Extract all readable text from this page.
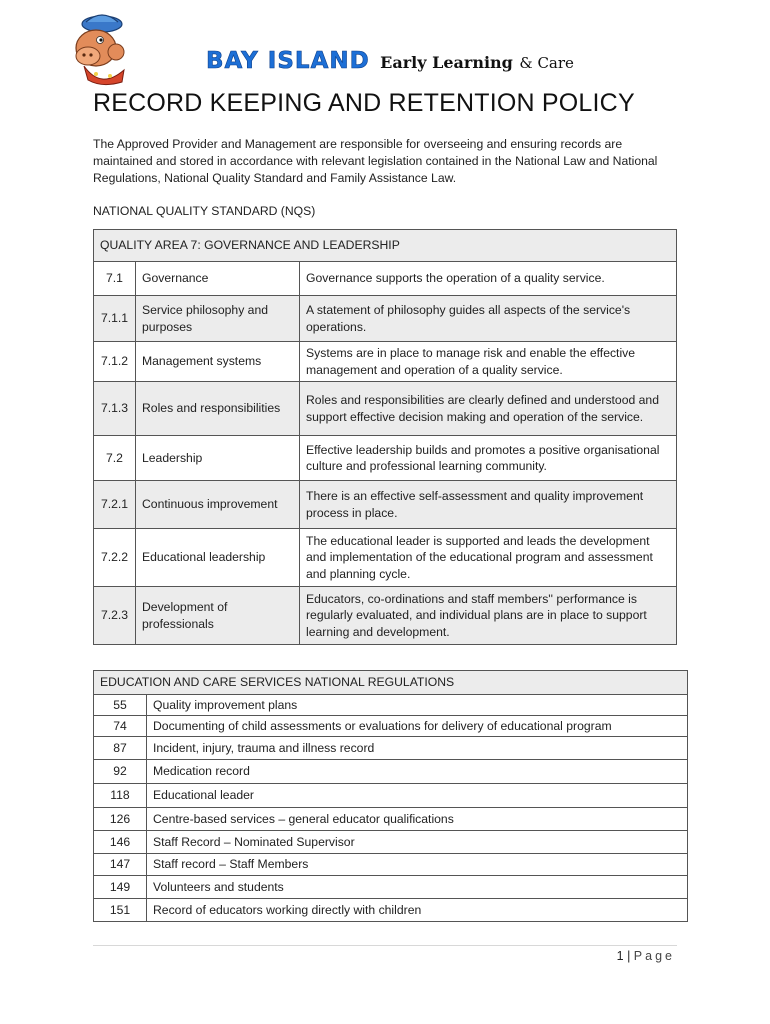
BAY ISLAND Early Learning & Care
RECORD KEEPING AND RETENTION POLICY

The Approved Provider and Management are responsible for overseeing and ensuring records are maintained and stored in accordance with relevant legislation contained in the National Law and National Regulations, National Quality Standard and Family Assistance Law.

NATIONAL QUALITY STANDARD (NQS)
QUALITY AREA 7: GOVERNANCE AND LEADERSHIP		
7.1	Governance	Governance supports the operation of a quality service.
7.1.1	Service philosophy and purposes	A statement of philosophy guides all aspects of the service's operations.
7.1.2	Management systems	Systems are in place to manage risk and enable the effective management and operation of a quality service.
7.1.3	Roles and responsibilities	Roles and responsibilities are clearly defined and understood and support effective decision making and operation of the service.
7.2	Leadership	Effective leadership builds and promotes a positive organisational culture and professional learning community.
7.2.1	Continuous improvement	There is an effective self-assessment and quality improvement process in place.
7.2.2	Educational leadership	The educational leader is supported and leads the development and implementation of the educational program and assessment and planning cycle.
7.2.3	Development of professionals	Educators, co-ordinations and staff members'' performance is regularly evaluated, and individual plans are in place to support learning and development.
EDUCATION AND CARE SERVICES NATIONAL REGULATIONS	
55	Quality improvement plans
74	Documenting of child assessments or evaluations for delivery of educational program
87	Incident, injury, trauma and illness record
92	Medication record
118	Educational leader
126	Centre-based services – general educator qualifications
146	Staff Record – Nominated Supervisor
147	Staff record – Staff Members
149	Volunteers and students
151	Record of educators working directly with children
1 | Page
